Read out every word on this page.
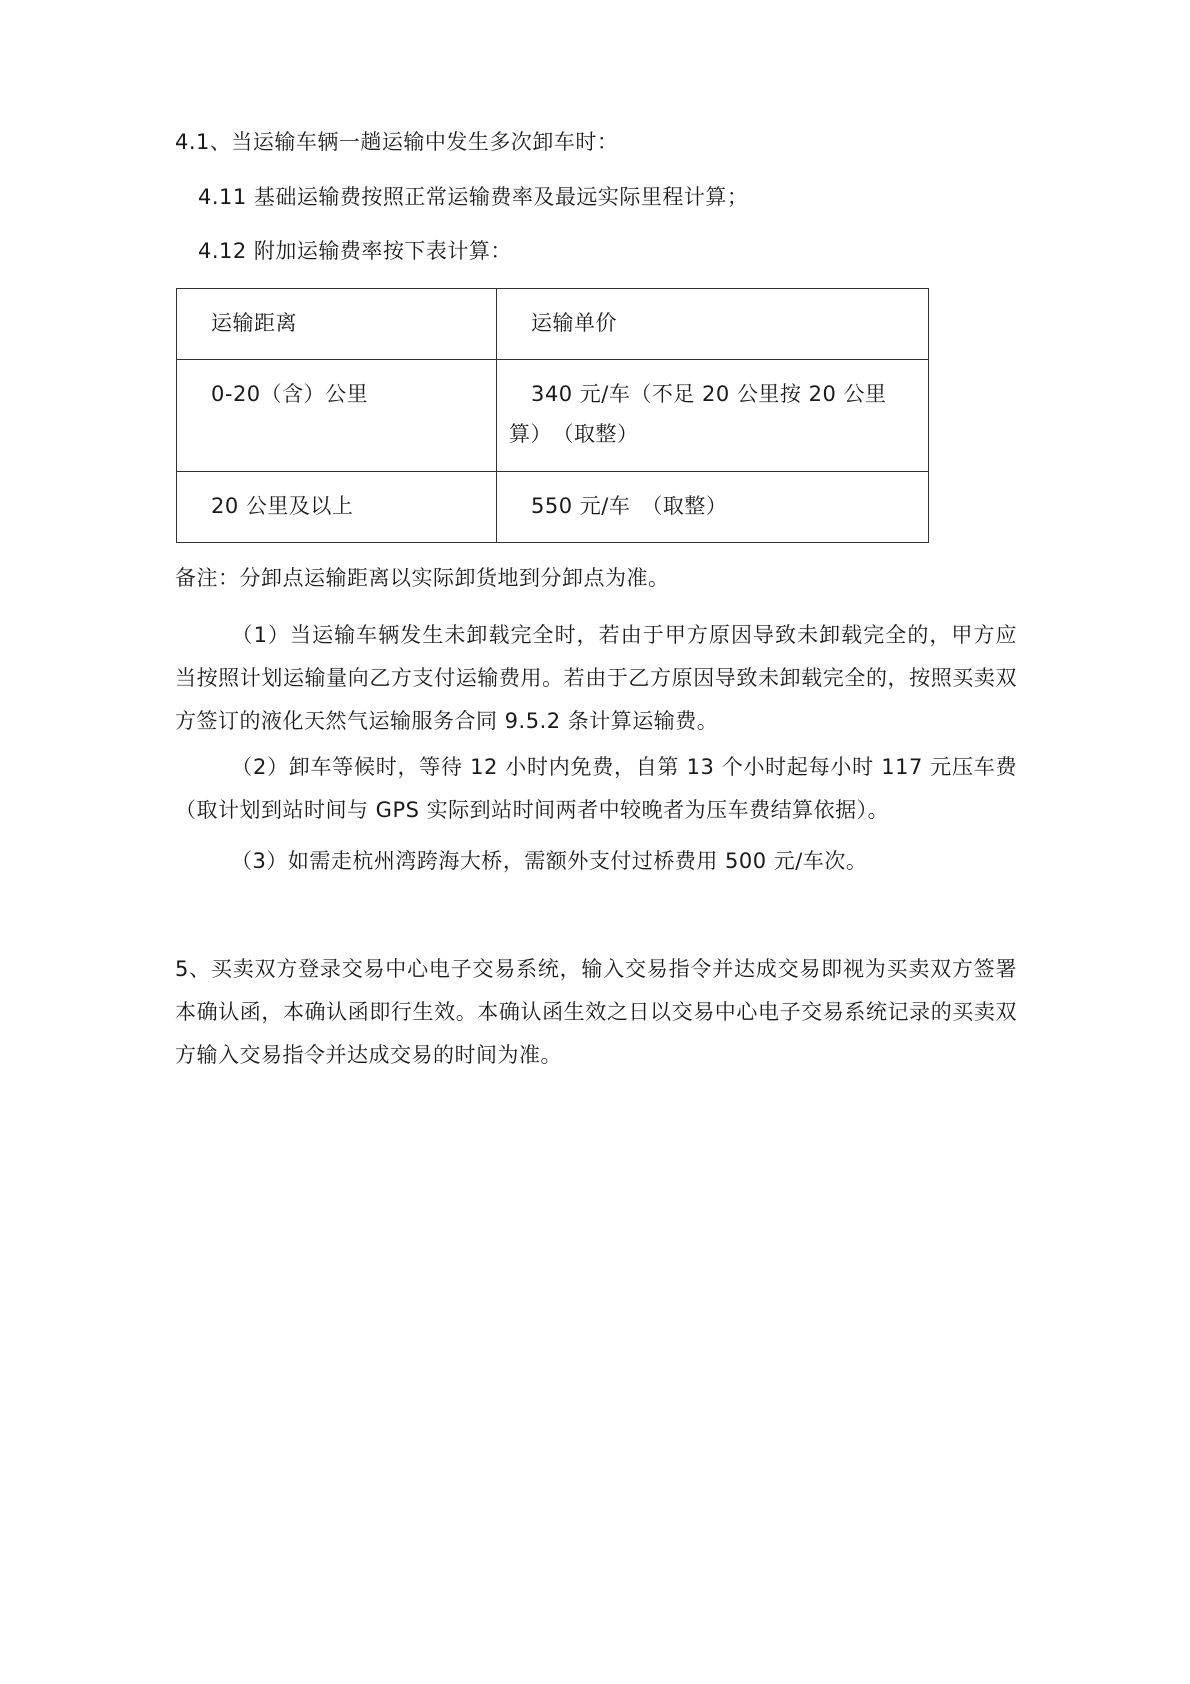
4.1、当运输车辆一趟运输中发生多次卸车时：
4.11 基础运输费按照正常运输费率及最远实际里程计算；
4.12 附加运输费率按下表计算：
运输距离	运输单价

0-20（含）公里	340 元/车（不足 20 公里按 20 公里算）　（取整）

20 公里及以上	550 元/车　（取整）
备注：分卸点运输距离以实际卸货地到分卸点为准。
（1）当运输车辆发生未卸载完全时，若由于甲方原因导致未卸载完全的，甲方应当按照计划运输量向乙方支付运输费用。若由于乙方原因导致未卸载完全的，按照买卖双方签订的液化天然气运输服务合同 9.5.2 条计算运输费。
（2）卸车等候时，等待 12 小时内免费，自第 13 个小时起每小时 117 元压车费（取计划到站时间与 GPS 实际到站时间两者中较晚者为压车费结算依据）。
（3）如需走杭州湾跨海大桥，需额外支付过桥费用 500 元/车次。
5、买卖双方登录交易中心电子交易系统，输入交易指令并达成交易即视为买卖双方签署本确认函，本确认函即行生效。本确认函生效之日以交易中心电子交易系统记录的买卖双方输入交易指令并达成交易的时间为准。
